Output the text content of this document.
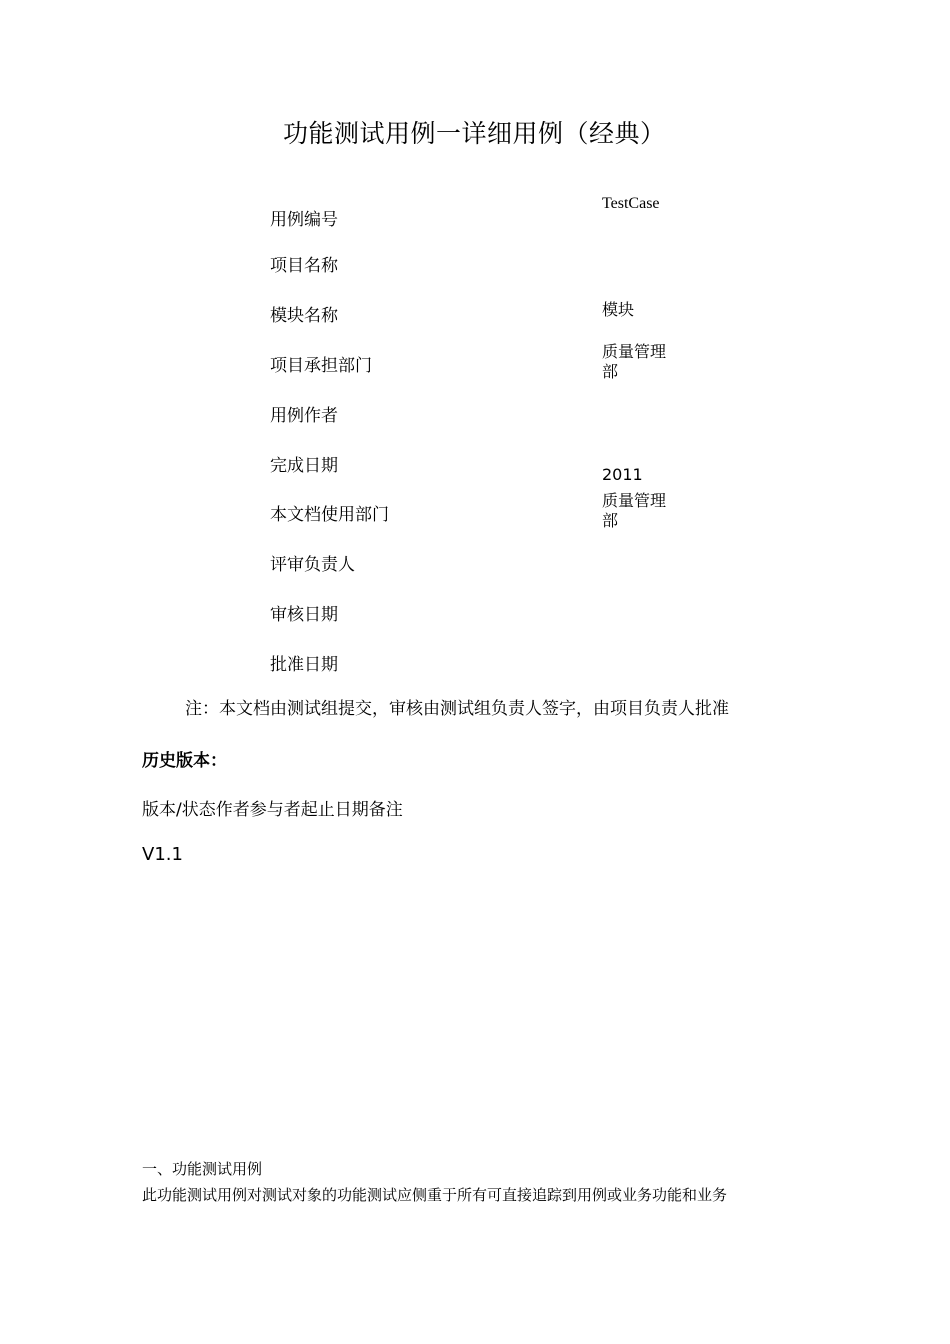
功能测试用例一详细用例（经典）
用例编号
项目名称
模块名称
项目承担部门
用例作者
完成日期
本文档使用部门
评审负责人
审核日期
批准日期
TestCase
模块
质量管理
部
2011
质量管理
部
注：本文档由测试组提交，审核由测试组负责人签字，由项目负责人批准
历史版本：
版本/状态作者参与者起止日期备注
V1.1
一、功能测试用例
此功能测试用例对测试对象的功能测试应侧重于所有可直接追踪到用例或业务功能和业务
